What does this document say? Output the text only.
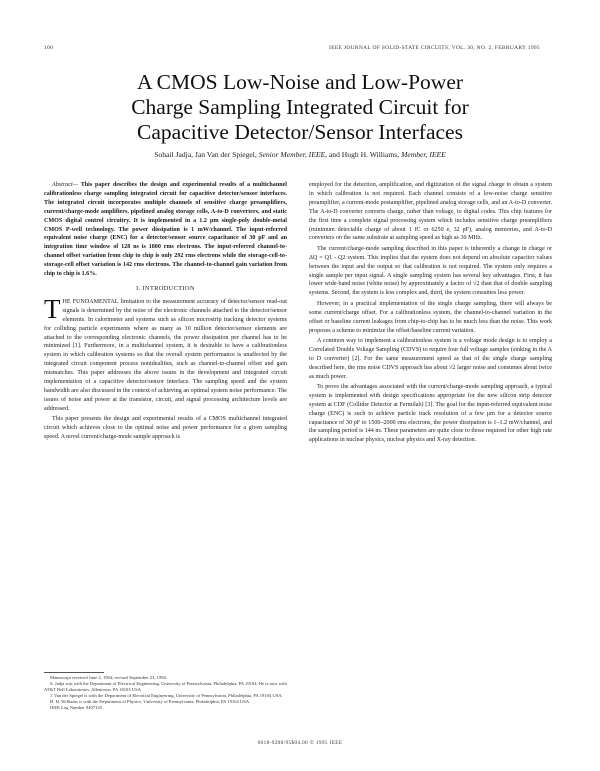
100	IEEE JOURNAL OF SOLID-STATE CIRCUITS, VOL. 30, NO. 2, FEBRUARY 1995
A CMOS Low-Noise and Low-Power
Charge Sampling Integrated Circuit for
Capacitive Detector/Sensor Interfaces
Sohail Jadja, Jan Van der Spiegel, Senior Member, IEEE, and Hugh H. Williams, Member, IEEE

Abstract— This paper describes the design and experimental results of a multichannel calibrationless charge sampling integrated circuit for capacitive detector/sensor interfaces. The integrated circuit incorporates multiple channels of sensitive charge preamplifiers, current/charge-mode amplifiers, pipelined analog storage cells, A-to-D converters, and static CMOS digital control circuitry. It is implemented in a 1.2 μm single-poly double-metal CMOS P-well technology. The power dissipation is 1 mW/channel. The input-referred equivalent noise charge (ENC) for a detector/sensor source capacitance of 30 pF and an integration time window of 128 ns is 1800 rms electrons. The input-referred channel-to-channel offset variation from chip to chip is only 292 rms electrons while the storage-cell-to-storage-cell offset variation is 142 rms electrons. The channel-to-channel gain variation from chip to chip is 1.6%.

I. INTRODUCTION

T HE FUNDAMENTAL limitation to the measurement accuracy of detector/sensor read-out signals is determined by the noise of the electronic channels attached to the detector/sensor elements. In calorimeter and systems such as silicon microstrip tracking detector systems for colliding particle experiments where as many as 10 million detector/sensor elements are attached to the corresponding electronic channels, the power dissipation per channel has to be minimized [1]. Furthermore, in a multichannel system, it is desirable to have a calibrationless system in which calibration systems so that the overall system performance is unaffected by the integrated circuit component process nonidealities, such as channel-to-channel offset and gain mismatches. This paper addresses the above issues in the development and integrated circuit implementation of a capacitive detector/sensor interface. The sampling speed and the system bandwidth are also discussed in the context of achieving an optimal system noise performance. The issues of noise and power at the transistor, circuit, and signal processing architecture levels are addressed.

This paper presents the design and experimental results of a CMOS multichannel integrated circuit which achieves close to the optimal noise and power performance for a given sampling speed. A novel current/charge-mode sample approach is

Manuscript received June 2, 1994; revised September 23, 1994.

S. Jadja was with the Department of Electrical Engineering, University of Pennsylvania, Philadelphia, PA 19104. He is now with AT&T Bell Laboratories, Allentown, PA 18103 USA.

J. Van der Spiegel is with the Department of Electrical Engineering, University of Pennsylvania, Philadelphia, PA 19104 USA.

H. H. Williams is with the Department of Physics, University of Pennsylvania, Philadelphia, PA 19104 USA.

IEEE Log Number 9407135.

employed for the detection, amplification, and digitization of the signal charge to obtain a system in which calibration is not required. Each channel consists of a low-noise charge sensitive preamplifier, a current-mode postamplifier, pipelined analog storage cells, and an A-to-D converter. The A-to-D converter converts charge, rather than voltage, to digital codes. This chip features for the first time a complete signal processing system which includes sensitive charge preamplifiers (minimum detectable charge of about 1 fC or 6250 e, 32 pF), analog memories, and A-to-D converters on the same substrate at sampling speed as high as 30 MHz.

The current/charge-mode sampling described in this paper is inherently a change in charge or ΔQ = Q1 - Q2 system. This implies that the system does not depend on absolute capacitor values between the input and the output so that calibration is not required. The system only requires a single sample per input signal. A single sampling system has several key advantages. First, it has lower wide-band noise (white noise) by approximately a factor of √2 than that of double sampling systems. Second, the system is less complex and, third, the system consumes less power.

However, in a practical implementation of the single charge sampling, there will always be some current/charge offset. For a calibrationless system, the channel-to-channel variation in the offset or baseline current leakages from chip-to-chip has to be much less than the noise. This work proposes a scheme to minimize the offset/baseline current variation.

A common way to implement a calibrationless system is a voltage mode design is to employ a Correlated Double Voltage Sampling (CDVS) to require four full voltage samples (sinking in the A to D converter) [2]. For the same measurement speed as that of the single charge sampling described here, the rms noise CDVS approach has about √2 larger noise and consumes about twice as much power.

To prove the advantages associated with the current/charge-mode sampling approach, a typical system is implemented with design specifications appropriate for the new silicon strip detector system at CDF (Collider Detector at Fermilab) [3]. The goal for the input-referred equivalent noise charge (ENC) is such to achieve particle track resolution of a few μm for a detector source capacitance of 30 pF to 1500–2000 rms electrons, the power dissipation is 1–1.2 mW/channel, and the sampling period is 144 ns. These parameters are quite close to those required for other high rate applications in nuclear physics, nuclear physics and X-ray detection.

0018-9200/95$04.00 © 1995 IEEE
